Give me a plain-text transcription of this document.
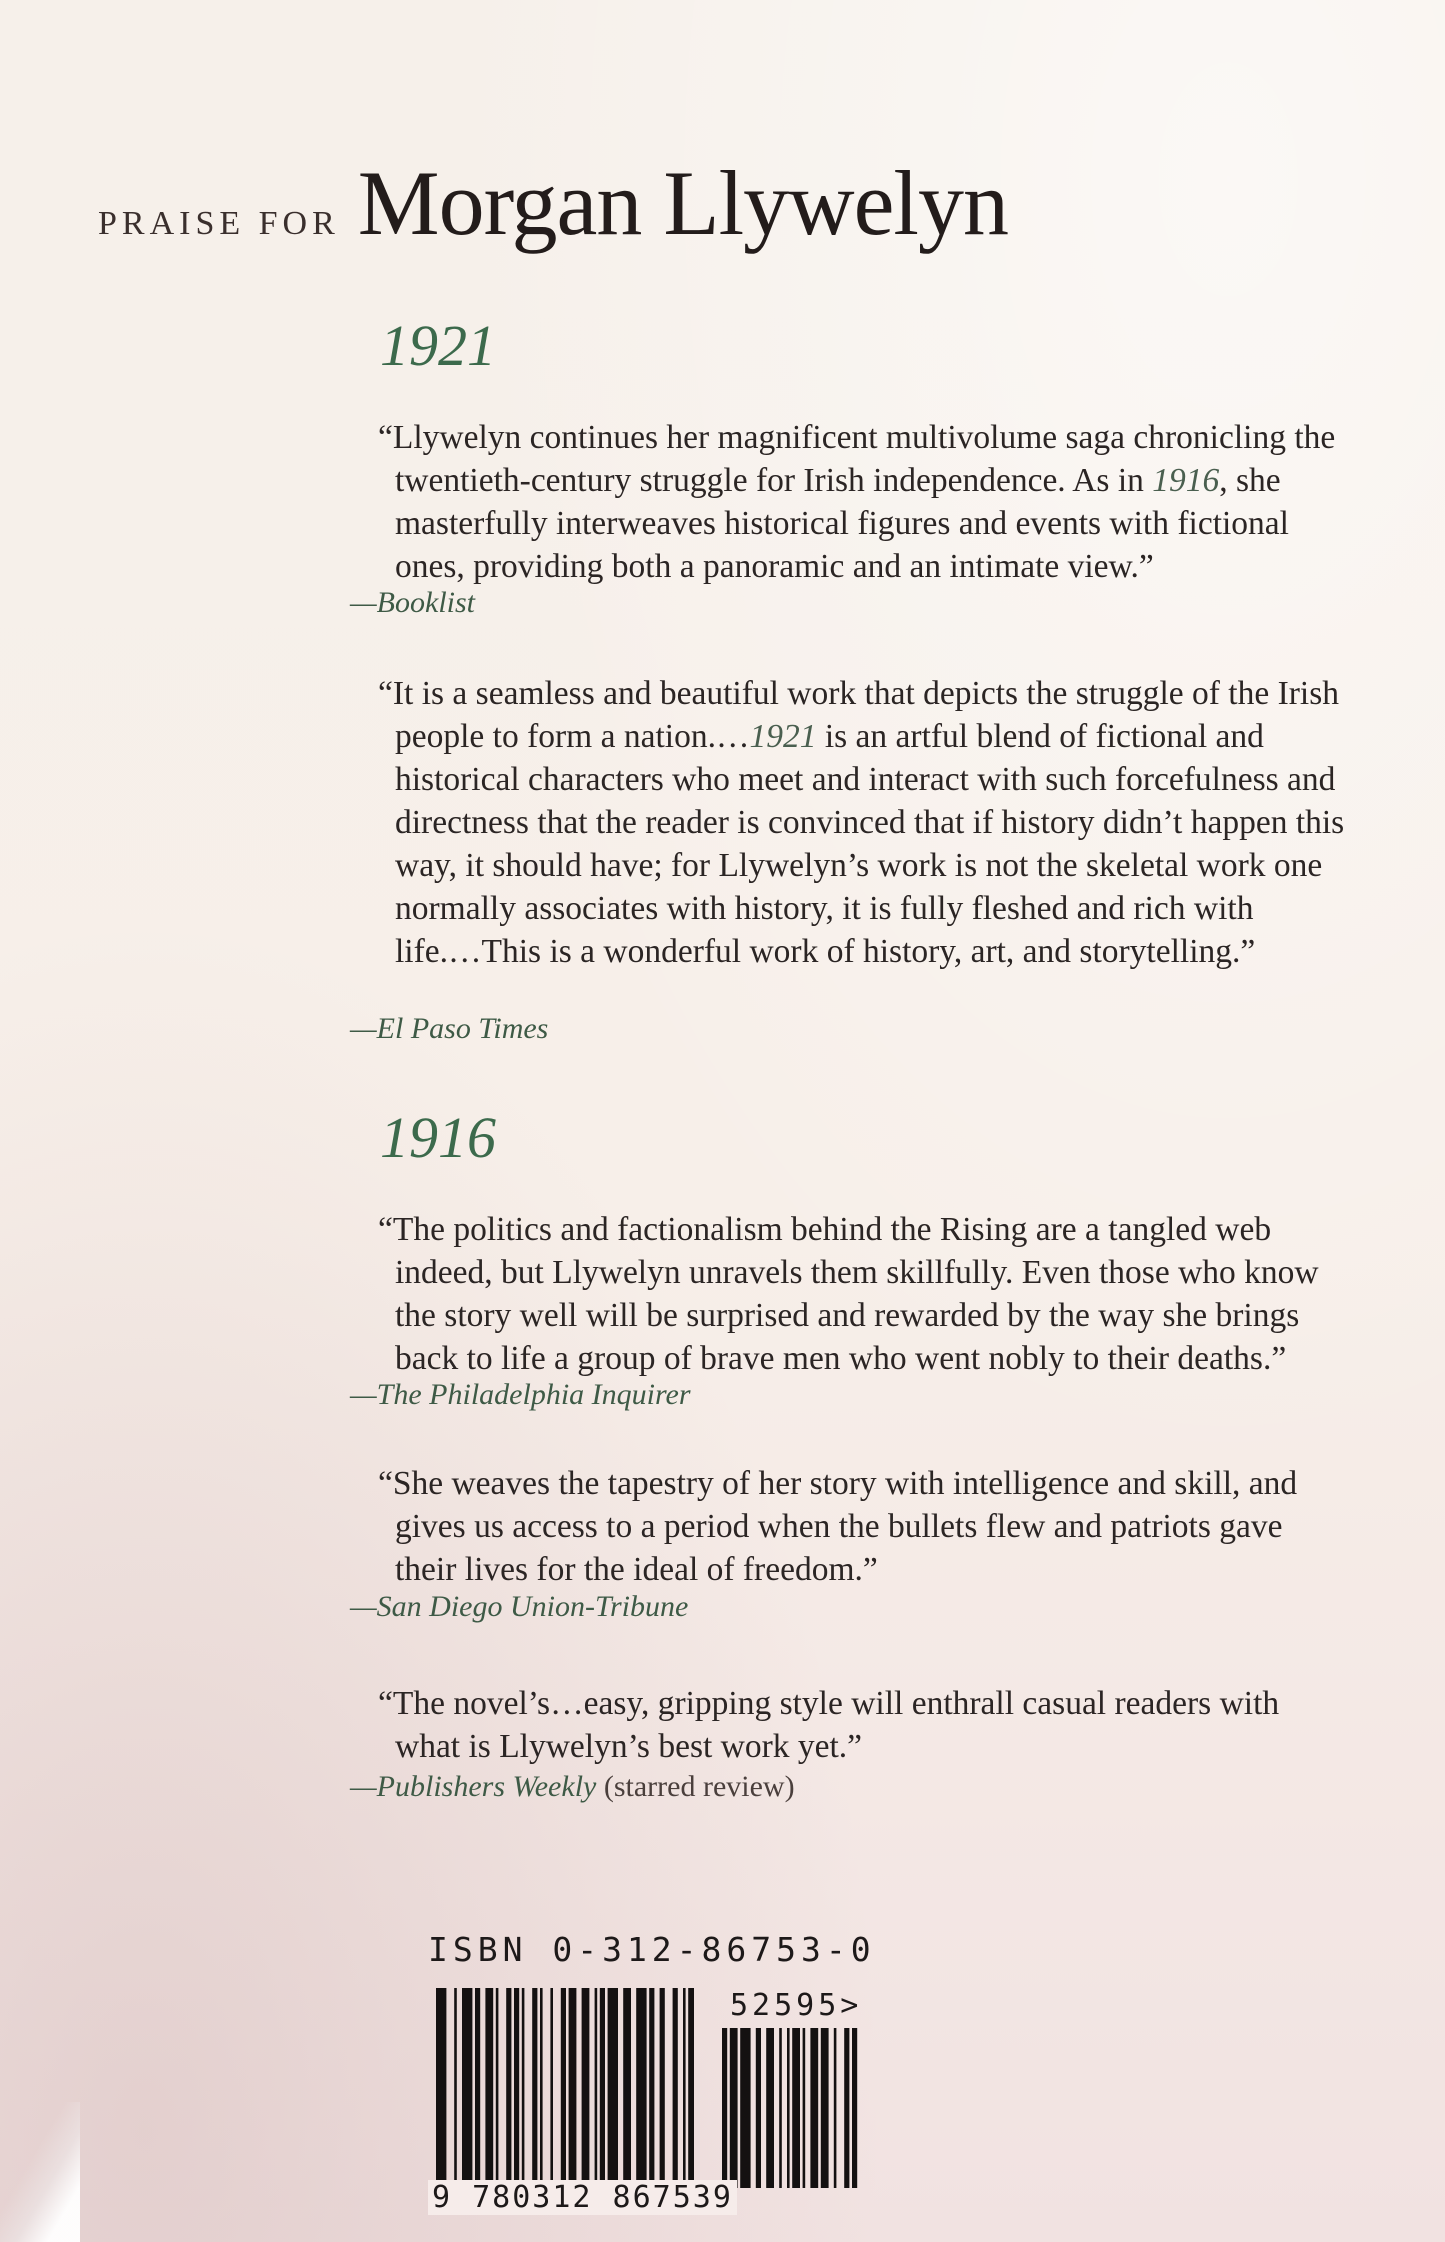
PRAISE FOR Morgan Llywelyn
1921
“Llywelyn continues her magnificent multivolume saga chronicling the twentieth-century struggle for Irish independence. As in 1916, she masterfully interweaves historical figures and events with fictional ones, providing both a panoramic and an intimate view.”
—Booklist
“It is a seamless and beautiful work that depicts the struggle of the Irish people to form a nation.…1921 is an artful blend of fictional and historical characters who meet and interact with such forcefulness and directness that the reader is convinced that if history didn’t happen this way, it should have; for Llywelyn’s work is not the skeletal work one normally associates with history, it is fully fleshed and rich with life.…This is a wonderful work of history, art, and storytelling.”
—El Paso Times
1916
“The politics and factionalism behind the Rising are a tangled web indeed, but Llywelyn unravels them skillfully. Even those who know the story well will be surprised and rewarded by the way she brings back to life a group of brave men who went nobly to their deaths.”
—The Philadelphia Inquirer
“She weaves the tapestry of her story with intelligence and skill, and gives us access to a period when the bullets flew and patriots gave their lives for the ideal of freedom.”
—San Diego Union-Tribune
“The novel’s…easy, gripping style will enthrall casual readers with what is Llywelyn’s best work yet.”
—Publishers Weekly (starred review)
ISBN 0-312-86753-0
9 780312 867539
52595>
